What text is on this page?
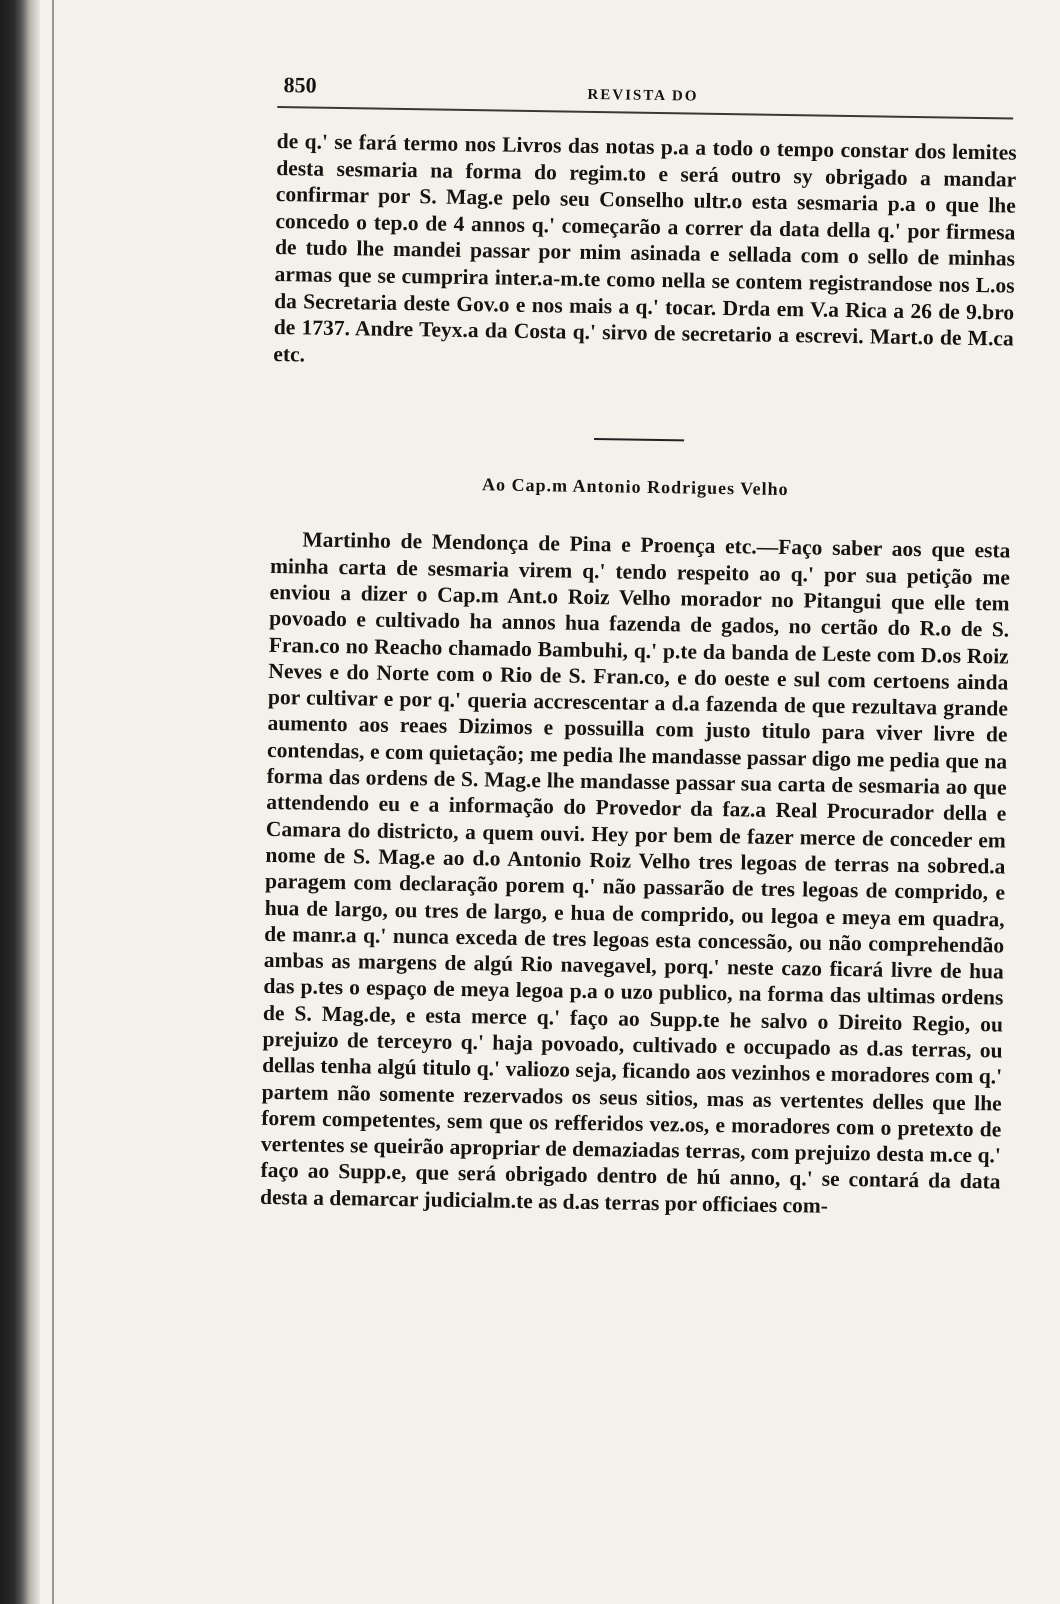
850	REVISTA DO

de q.' se fará termo nos Livros das notas p.a a todo o tempo constar dos lemites desta sesmaria na forma do regim.to e será outro sy obrigado a mandar confirmar por S. Mag.e pelo seu Conselho ultr.o esta sesmaria p.a o que lhe concedo o tep.o de 4 annos q.' começarão a correr da data della q.' por firmesa de tudo lhe mandei passar por mim asinada e sellada com o sello de minhas armas que se cumprira inter.a-m.te como nella se contem registrandose nos L.os da Secretaria deste Gov.o e nos mais a q.' tocar. Drda em V.a Rica a 26 de 9.bro de 1737. Andre Teyx.a da Costa q.' sirvo de secretario a escrevi. Mart.o de M.ca etc.

Ao Cap.m Antonio Rodrigues Velho

Martinho de Mendonça de Pina e Proença etc.—Faço saber aos que esta minha carta de sesmaria virem q.' tendo respeito ao q.' por sua petição me enviou a dizer o Cap.m Ant.o Roiz Velho morador no Pitangui que elle tem povoado e cultivado ha annos hua fazenda de gados, no certão do R.o de S. Fran.co no Reacho chamado Bambuhi, q.' p.te da banda de Leste com D.os Roiz Neves e do Norte com o Rio de S. Fran.co, e do oeste e sul com certoens ainda por cultivar e por q.' queria accrescentar a d.a fazenda de que rezultava grande aumento aos reaes Dizimos e possuilla com justo titulo para viver livre de contendas, e com quietação; me pedia lhe mandasse passar digo me pedia que na forma das ordens de S. Mag.e lhe mandasse passar sua carta de sesmaria ao que attendendo eu e a informação do Provedor da faz.a Real Procurador della e Camara do districto, a quem ouvi. Hey por bem de fazer merce de conceder em nome de S. Mag.e ao d.o Antonio Roiz Velho tres legoas de terras na sobred.a paragem com declaração porem q.' não passarão de tres legoas de comprido, e hua de largo, ou tres de largo, e hua de comprido, ou legoa e meya em quadra, de manr.a q.' nunca exceda de tres legoas esta concessão, ou não comprehendão ambas as margens de algú Rio navegavel, porq.' neste cazo ficará livre de hua das p.tes o espaço de meya legoa p.a o uzo publico, na forma das ultimas ordens de S. Mag.de, e esta merce q.' faço ao Supp.te he salvo o Direito Regio, ou prejuizo de terceyro q.' haja povoado, cultivado e occupado as d.as terras, ou dellas tenha algú titulo q.' valiozo seja, ficando aos vezinhos e moradores com q.' partem não somente rezervados os seus sitios, mas as vertentes delles que lhe forem competentes, sem que os refferidos vez.os, e moradores com o pretexto de vertentes se queirão apropriar de demaziadas terras, com prejuizo desta m.ce q.' faço ao Supp.e, que será obrigado dentro de hú anno, q.' se contará da data desta a demarcar judicialm.te as d.as terras por officiaes com-
